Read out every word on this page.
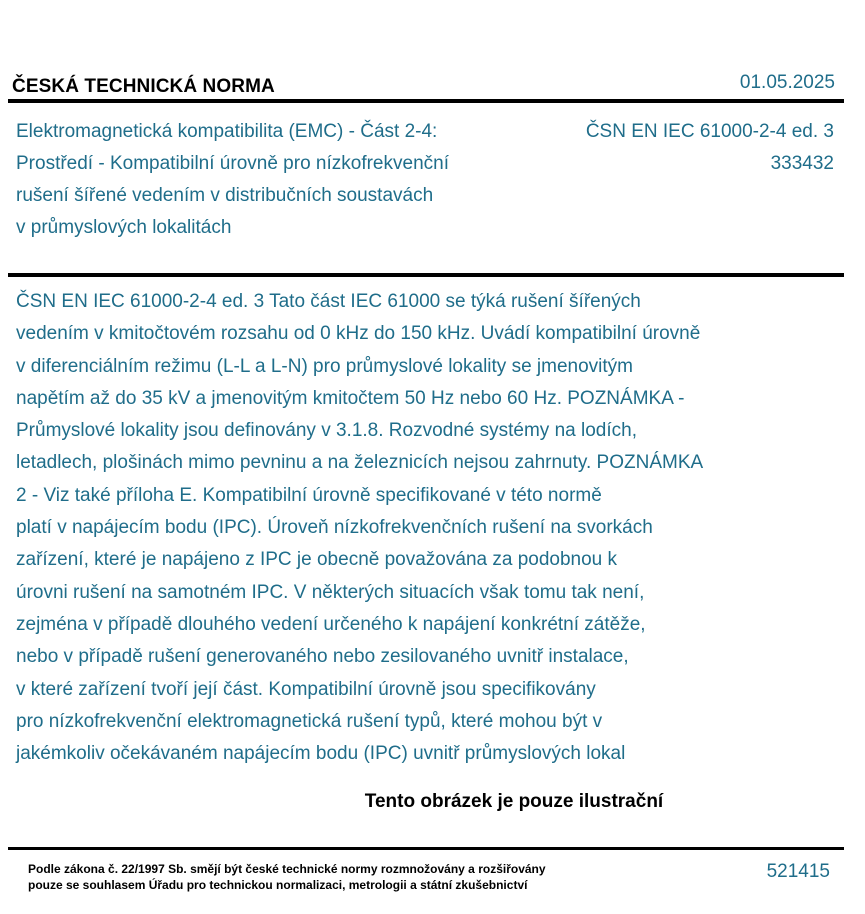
ČESKÁ TECHNICKÁ NORMA	01.05.2025
Elektromagnetická kompatibilita (EMC) - Část 2-4:
Prostředí - Kompatibilní úrovně pro nízkofrekvenční
rušení šířené vedením v distribučních soustavách
v průmyslových lokalitách
ČSN EN IEC 61000-2-4 ed. 3
333432
ČSN EN IEC 61000-2-4 ed. 3 Tato část IEC 61000 se týká rušení šířených
vedením v kmitočtovém rozsahu od 0 kHz do 150 kHz. Uvádí kompatibilní úrovně
v diferenciálním režimu (L-L a L-N) pro průmyslové lokality se jmenovitým
napětím až do 35 kV a jmenovitým kmitočtem 50 Hz nebo 60 Hz. POZNÁMKA -
Průmyslové lokality jsou definovány v 3.1.8. Rozvodné systémy na lodích,
letadlech, plošinách mimo pevninu a na železnicích nejsou zahrnuty. POZNÁMKA
2 - Viz také příloha E. Kompatibilní úrovně specifikované v této normě
platí v napájecím bodu (IPC). Úroveň nízkofrekvenčních rušení na svorkách
zařízení, které je napájeno z IPC je obecně považována za podobnou k
úrovni rušení na samotném IPC. V některých situacích však tomu tak není,
zejména v případě dlouhého vedení určeného k napájení konkrétní zátěže,
nebo v případě rušení generovaného nebo zesilovaného uvnitř instalace,
v které zařízení tvoří její část. Kompatibilní úrovně jsou specifikovány
pro nízkofrekvenční elektromagnetická rušení typů, které mohou být v
jakémkoliv očekávaném napájecím bodu (IPC) uvnitř průmyslových lokal
Tento obrázek je pouze ilustrační
Podle zákona č. 22/1997 Sb. smějí být české technické normy rozmnožovány a rozšiřovány
pouze se souhlasem Úřadu pro technickou normalizaci, metrologii a státní zkušebnictví
521415
